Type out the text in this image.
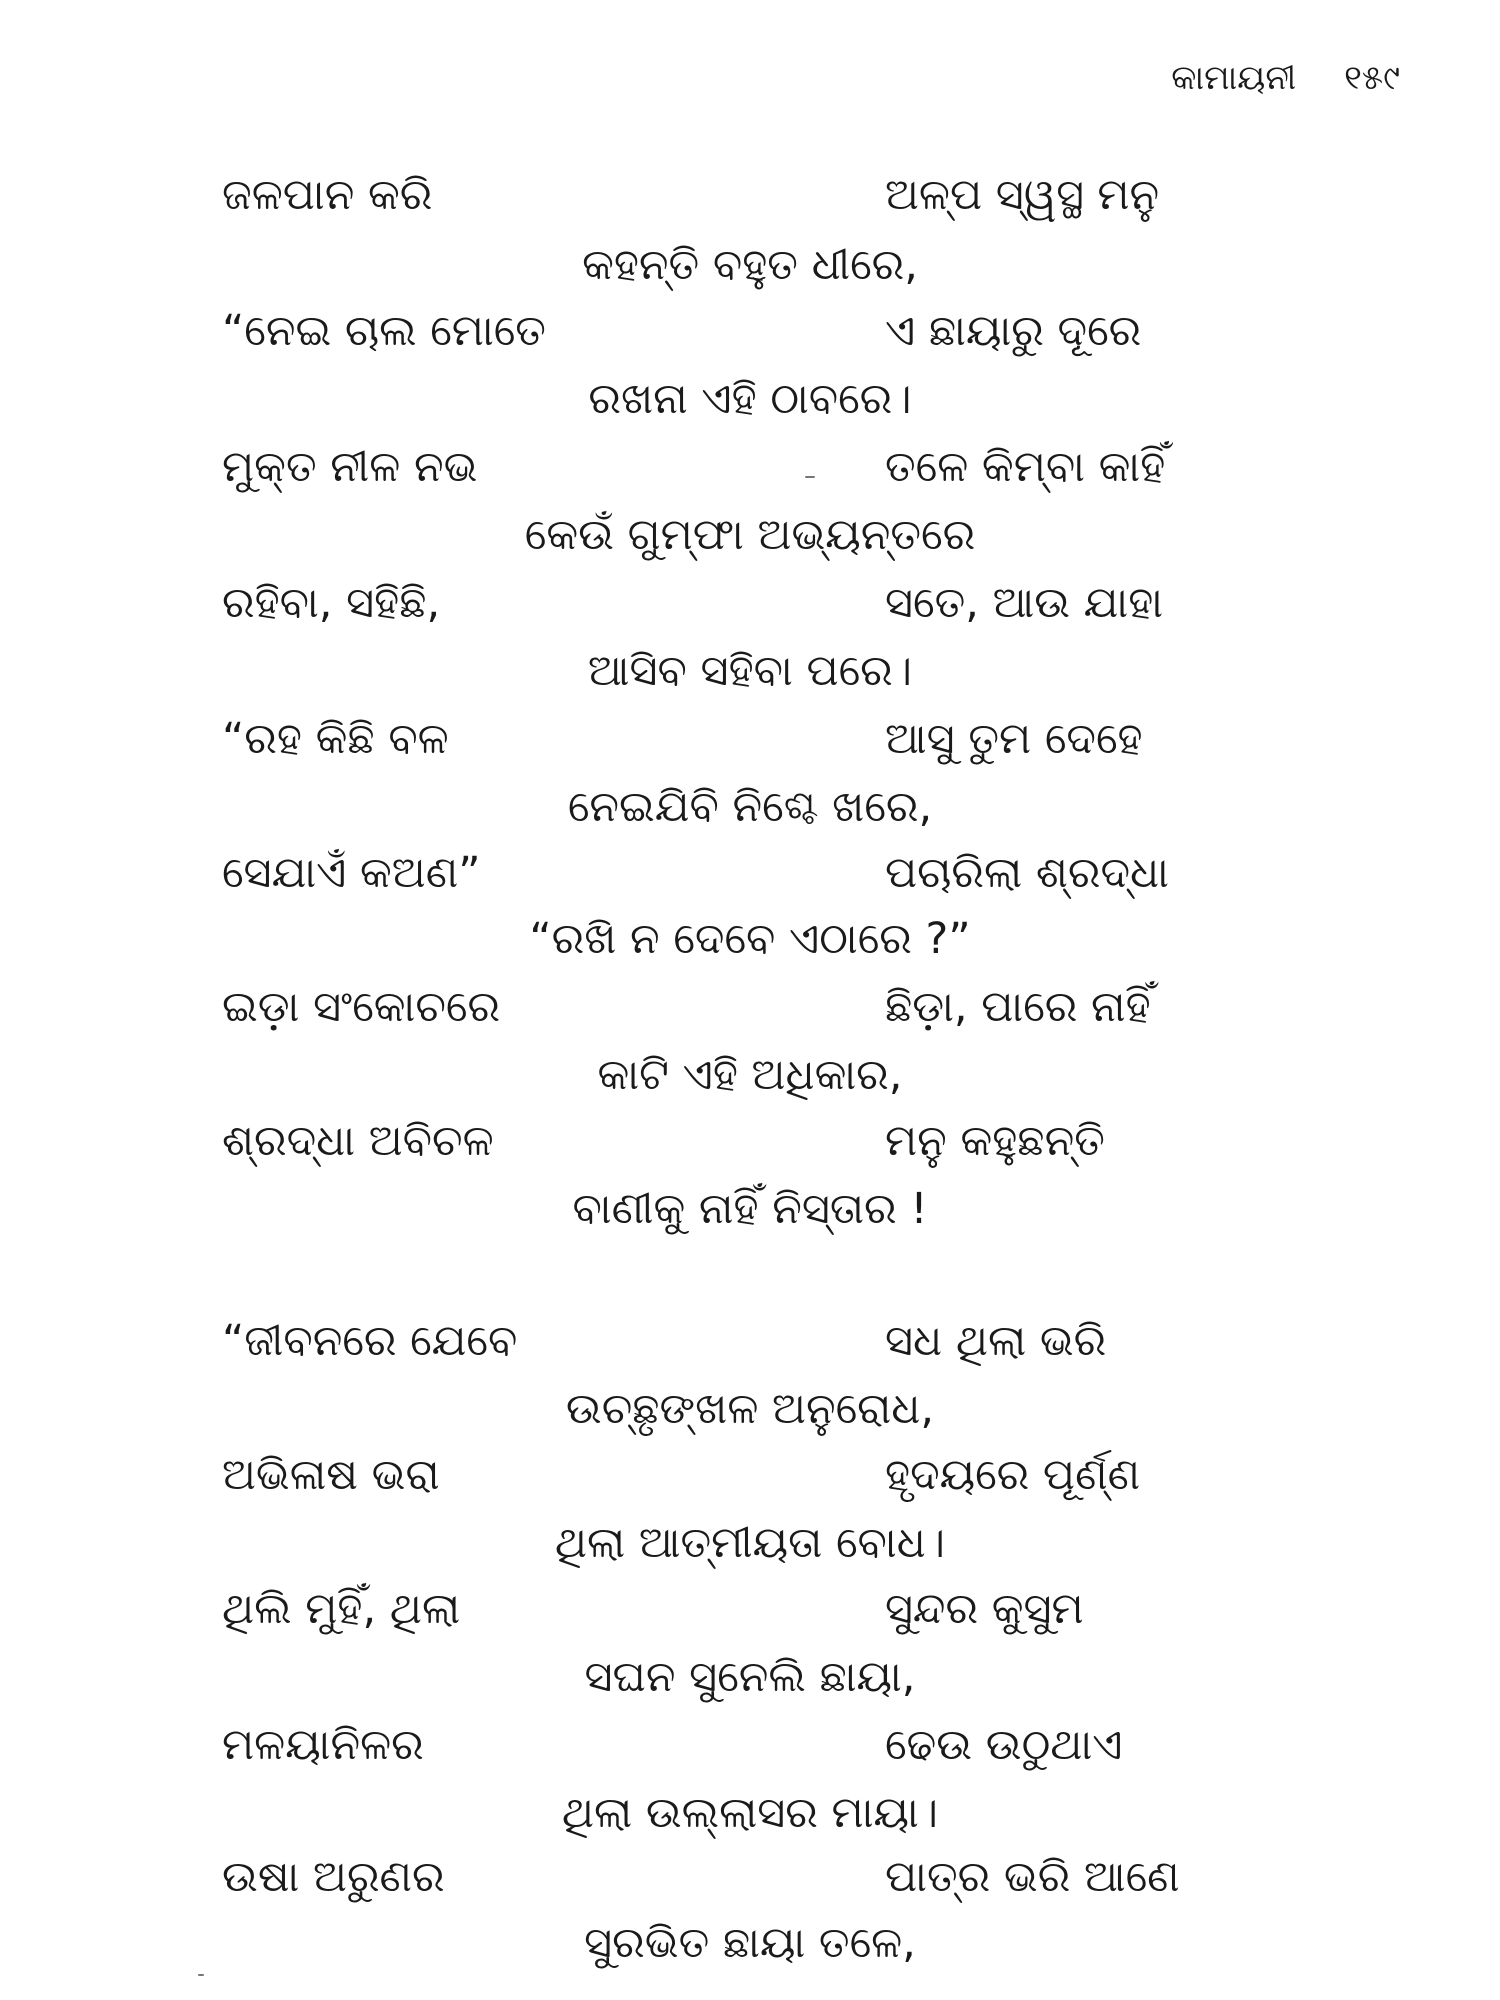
କାମାୟନୀ ୧୫୯
ଜଳପାନ କରି	ଅଳ୍ପ ସ୍ୱସ୍ଥ ମନୁ
କହନ୍ତି ବହୁତ ଧୀରେ,
“ନେଇ ଚାଲ ମୋତେ	ଏ ଛାୟାରୁ ଦୂରେ
ରଖନା ଏହି ଠାବରେ।
ମୁକ୍ତ ନୀଳ ନଭ	ତଳେ କିମ୍ବା କାହିଁ
କେଉଁ ଗୁମ୍ଫା ଅଭ୍ୟନ୍ତରେ
ରହିବା, ସହିଛି,	ସତେ, ଆଉ ଯାହା
ଆସିବ ସହିବା ପରେ।
“ରହ କିଛି ବଳ	ଆସୁ ତୁମ ଦେହେ
ନେଇଯିବି ନିଶ୍ଚେ ଖରେ,
ସେଯାଏଁ କଅଣ”	ପଚାରିଲା ଶ୍ରଦ୍ଧା
“ରଖି ନ ଦେବେ ଏଠାରେ ?”
ଇଡ଼ା ସଂକୋଚରେ	ଛିଡ଼ା, ପାରେ ନାହିଁ
କାଟି ଏହି ଅଧିକାର,
ଶ୍ରଦ୍ଧା ଅବିଚଳ	ମନୁ କହୁଛନ୍ତି
ବାଣୀକୁ ନାହିଁ ନିସ୍ତାର !
“ଜୀବନରେ ଯେବେ	ସଧ ଥିଲା ଭରି
ଉଚ୍ଛୃଙ୍ଖଳ ଅନୁରୋଧ,
ଅଭିଳାଷ ଭରା	ହୃଦୟରେ ପୂର୍ଣ୍ଣ
ଥିଲା ଆତ୍ମୀୟତା ବୋଧ।
ଥିଲି ମୁହିଁ, ଥିଲା	ସୁନ୍ଦର କୁସୁମ
ସଘନ ସୁନେଲି ଛାୟା,
ମଳୟାନିଳର	ଢେଉ ଉଠୁଥାଏ
ଥିଲା ଉଲ୍ଲାସର ମାୟା।
ଉଷା ଅରୁଣର	ପାତ୍ର ଭରି ଆଣେ
ସୁରଭିତ ଛାୟା ତଳେ,
